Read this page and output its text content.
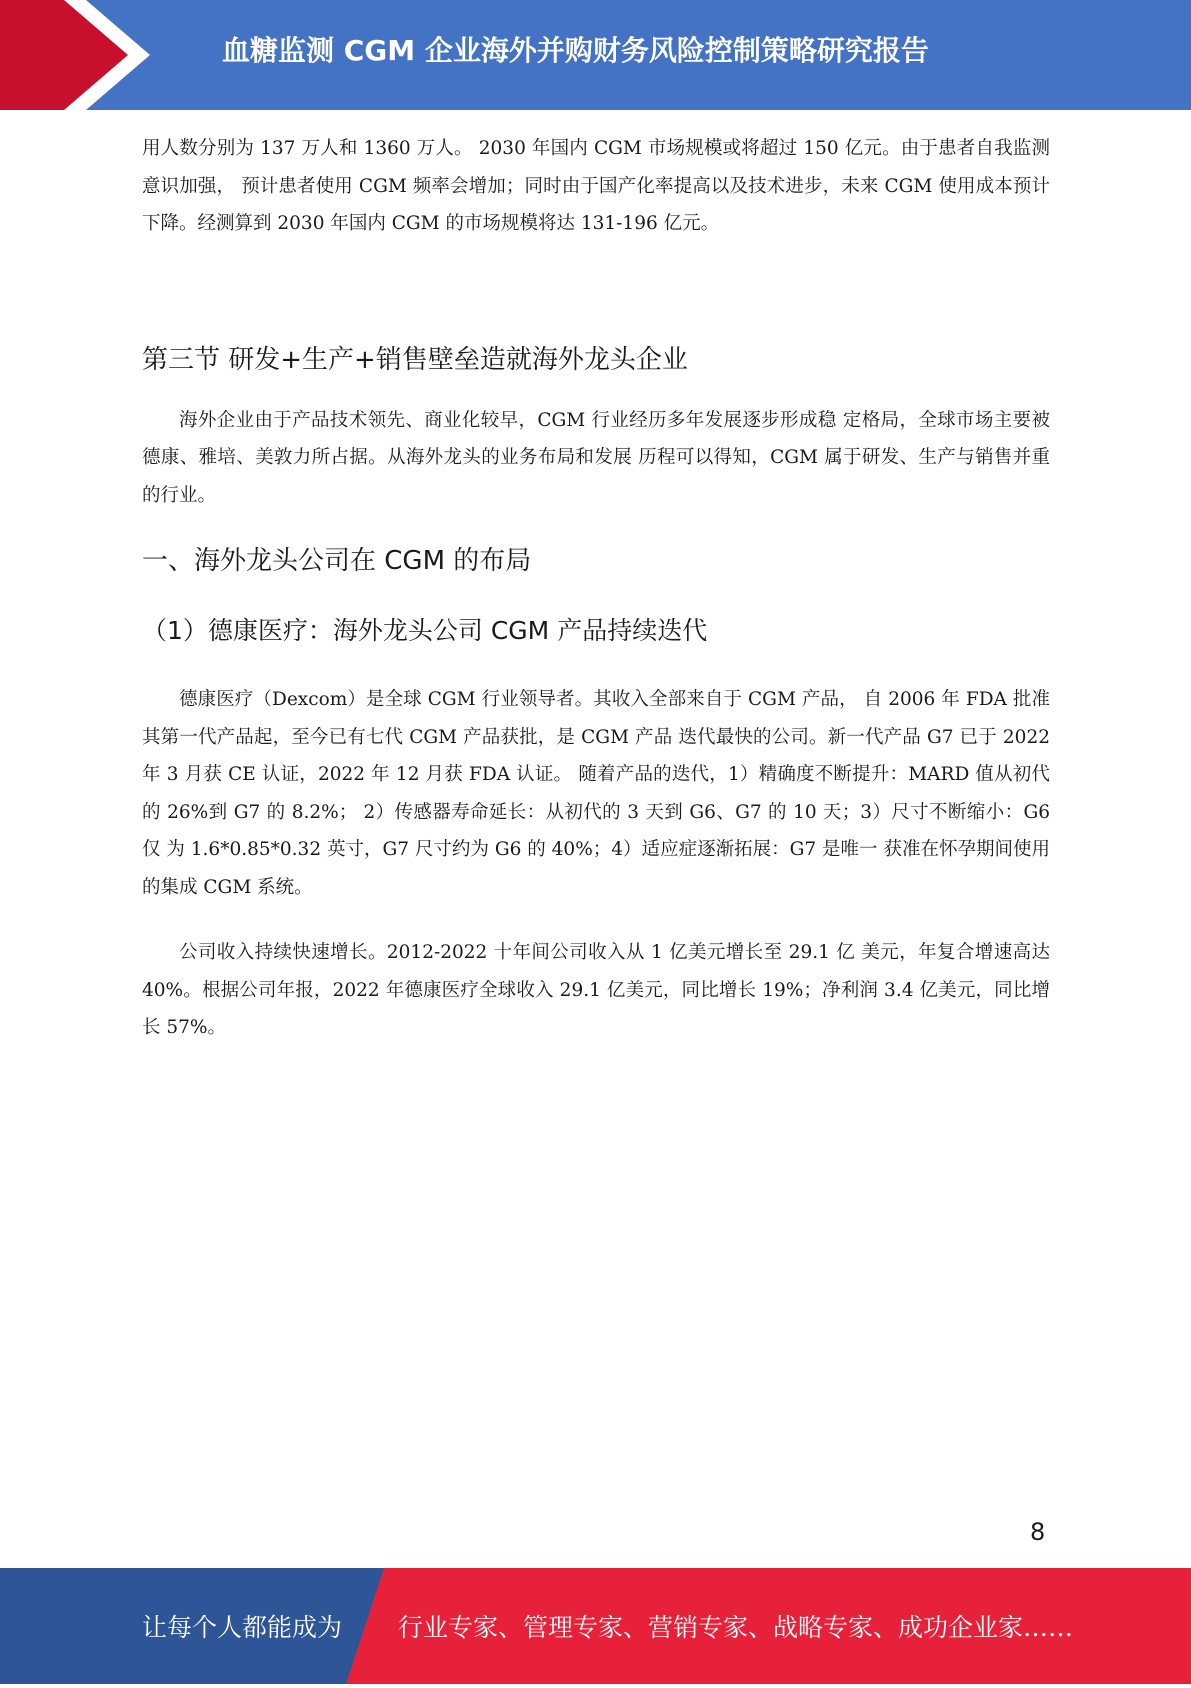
血糖监测 CGM 企业海外并购财务风险控制策略研究报告

用人数分别为 137 万人和 1360 万人。 2030 年国内 CGM 市场规模或将超过 150 亿元。由于患者自我监测意识加强， 预计患者使用 CGM 频率会增加；同时由于国产化率提高以及技术进步，未来 CGM 使用成本预计下降。经测算到 2030 年国内 CGM 的市场规模将达 131-196 亿元。

第三节 研发+生产+销售壁垒造就海外龙头企业

海外企业由于产品技术领先、商业化较早，CGM 行业经历多年发展逐步形成稳 定格局，全球市场主要被德康、雅培、美敦力所占据。从海外龙头的业务布局和发展 历程可以得知，CGM 属于研发、生产与销售并重的行业。

一、海外龙头公司在 CGM 的布局
（1）德康医疗：海外龙头公司 CGM 产品持续迭代

德康医疗（Dexcom）是全球 CGM 行业领导者。其收入全部来自于 CGM 产品， 自 2006 年 FDA 批准其第一代产品起，至今已有七代 CGM 产品获批，是 CGM 产品 迭代最快的公司。新一代产品 G7 已于 2022 年 3 月获 CE 认证，2022 年 12 月获 FDA 认证。 随着产品的迭代，1）精确度不断提升：MARD 值从初代的 26%到 G7 的 8.2%； 2）传感器寿命延长：从初代的 3 天到 G6、G7 的 10 天；3）尺寸不断缩小：G6 仅 为 1.6*0.85*0.32 英寸，G7 尺寸约为 G6 的 40%；4）适应症逐渐拓展：G7 是唯一 获准在怀孕期间使用的集成 CGM 系统。

公司收入持续快速增长。2012-2022 十年间公司收入从 1 亿美元增长至 29.1 亿 美元，年复合增速高达 40%。根据公司年报，2022 年德康医疗全球收入 29.1 亿美元，同比增长 19%；净利润 3.4 亿美元，同比增长 57%。

8
让每个人都能成为 行业专家、管理专家、营销专家、战略专家、成功企业家……
